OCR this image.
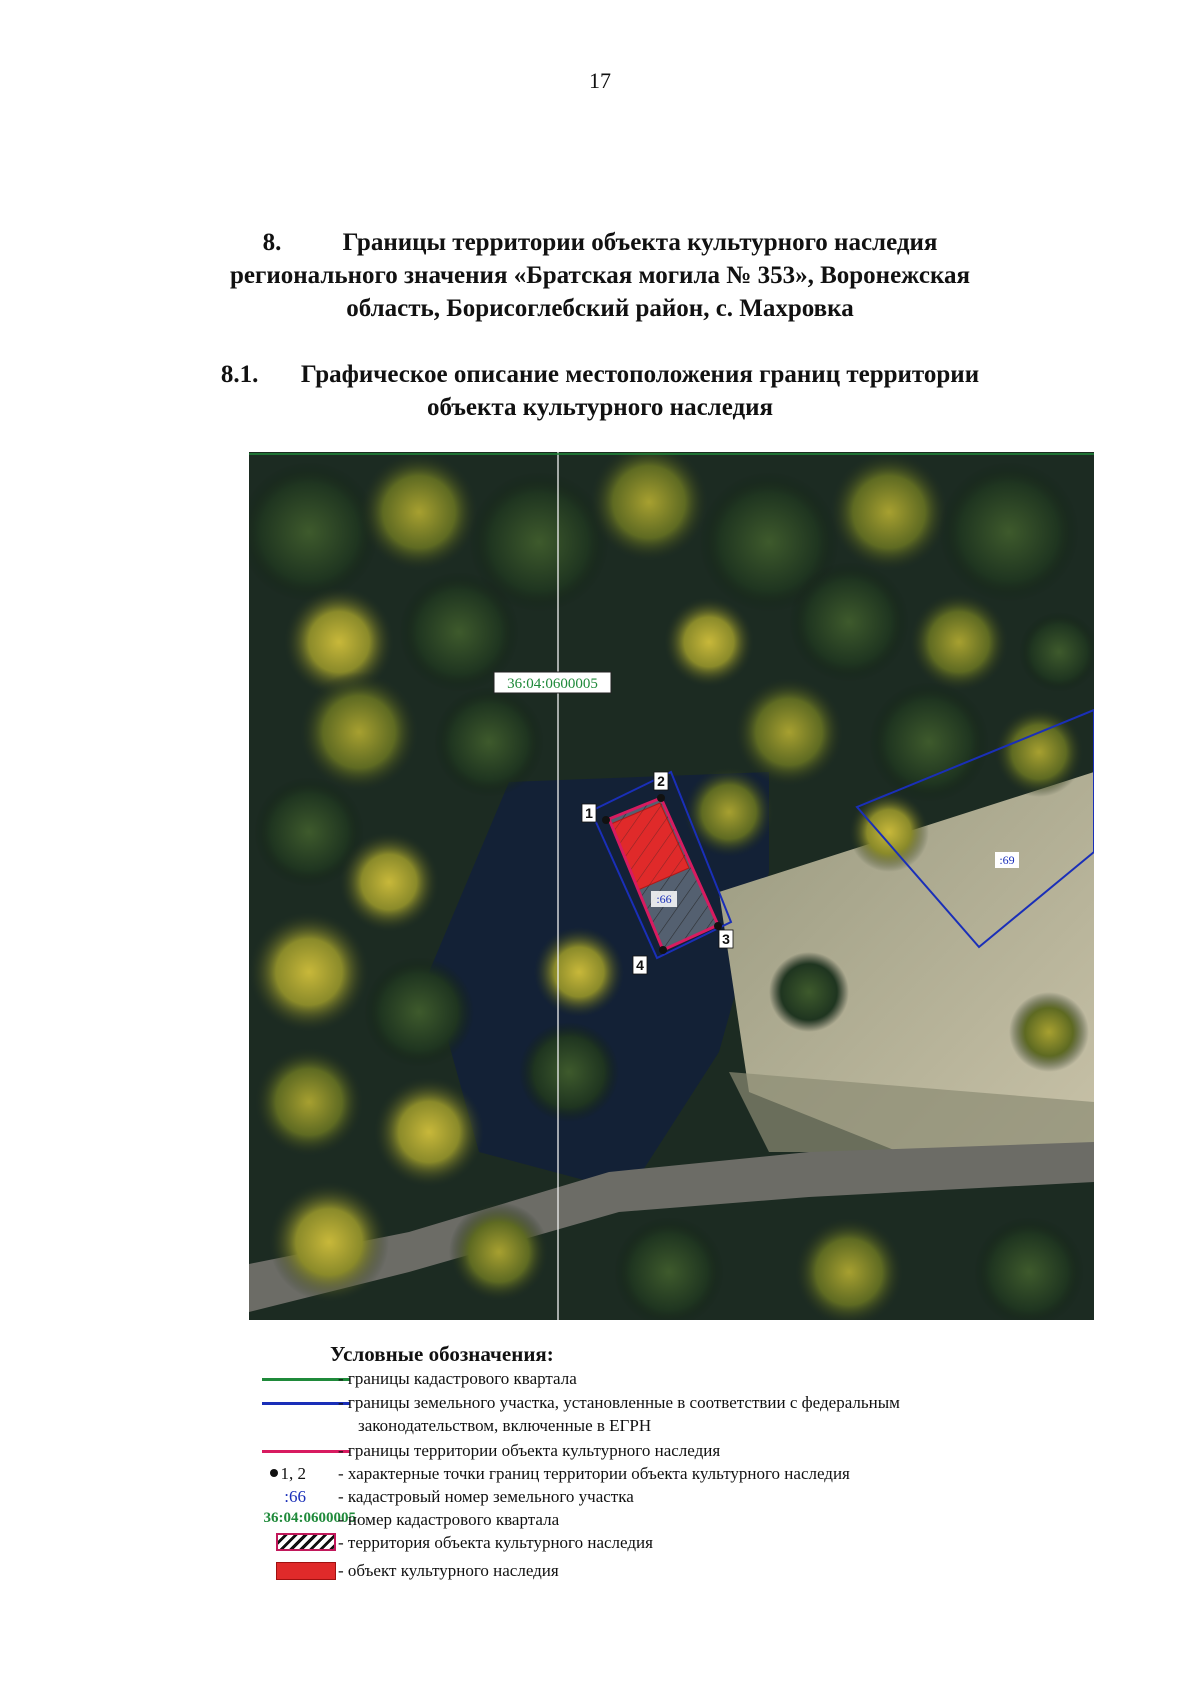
17
8. Границы территории объекта культурного наследия
регионального значения «Братская могила № 353», Воронежская
область, Борисоглебский район, с. Махровка
8.1. Графическое описание местоположения границ территории
объекта культурного наследия
36:04:0600005
:69
:66
1
2
3
4
Условные обозначения:
- границы кадастрового квартала
- границы земельного участка, установленные в соответствии с федеральным
законодательством, включенные в ЕГРН
- границы территории объекта культурного наследия
1, 2 - характерные точки границ территории объекта культурного наследия
:66 - кадастровый номер земельного участка
36:04:0600005
- номер кадастрового квартала
- территория объекта культурного наследия
- объект культурного наследия
